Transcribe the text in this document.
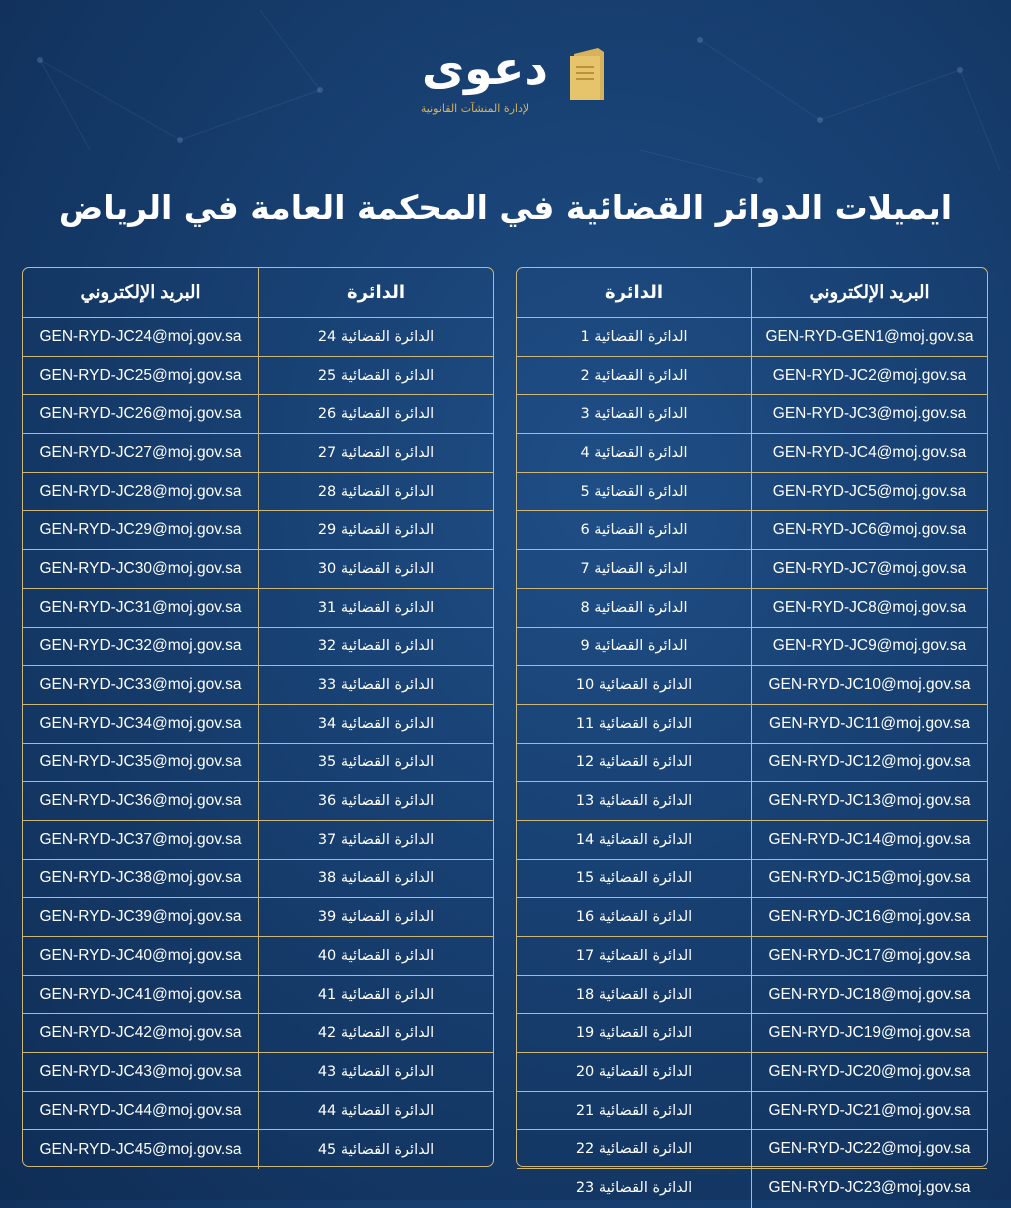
دعوى
لإدارة المنشآت القانونية
ايميلات الدوائر القضائية في المحكمة العامة في الرياض
البريد الإلكتروني	الدائرة
GEN-RYD-JC24@moj.gov.sa	الدائرة القضائية 24
GEN-RYD-JC25@moj.gov.sa	الدائرة القضائية 25
GEN-RYD-JC26@moj.gov.sa	الدائرة القضائية 26
GEN-RYD-JC27@moj.gov.sa	الدائرة القضائية 27
GEN-RYD-JC28@moj.gov.sa	الدائرة القضائية 28
GEN-RYD-JC29@moj.gov.sa	الدائرة القضائية 29
GEN-RYD-JC30@moj.gov.sa	الدائرة القضائية 30
GEN-RYD-JC31@moj.gov.sa	الدائرة القضائية 31
GEN-RYD-JC32@moj.gov.sa	الدائرة القضائية 32
GEN-RYD-JC33@moj.gov.sa	الدائرة القضائية 33
GEN-RYD-JC34@moj.gov.sa	الدائرة القضائية 34
GEN-RYD-JC35@moj.gov.sa	الدائرة القضائية 35
GEN-RYD-JC36@moj.gov.sa	الدائرة القضائية 36
GEN-RYD-JC37@moj.gov.sa	الدائرة القضائية 37
GEN-RYD-JC38@moj.gov.sa	الدائرة القضائية 38
GEN-RYD-JC39@moj.gov.sa	الدائرة القضائية 39
GEN-RYD-JC40@moj.gov.sa	الدائرة القضائية 40
GEN-RYD-JC41@moj.gov.sa	الدائرة القضائية 41
GEN-RYD-JC42@moj.gov.sa	الدائرة القضائية 42
GEN-RYD-JC43@moj.gov.sa	الدائرة القضائية 43
GEN-RYD-JC44@moj.gov.sa	الدائرة القضائية 44
GEN-RYD-JC45@moj.gov.sa	الدائرة القضائية 45
الدائرة	البريد الإلكتروني
الدائرة القضائية 1	GEN-RYD-GEN1@moj.gov.sa
الدائرة القضائية 2	GEN-RYD-JC2@moj.gov.sa
الدائرة القضائية 3	GEN-RYD-JC3@moj.gov.sa
الدائرة القضائية 4	GEN-RYD-JC4@moj.gov.sa
الدائرة القضائية 5	GEN-RYD-JC5@moj.gov.sa
الدائرة القضائية 6	GEN-RYD-JC6@moj.gov.sa
الدائرة القضائية 7	GEN-RYD-JC7@moj.gov.sa
الدائرة القضائية 8	GEN-RYD-JC8@moj.gov.sa
الدائرة القضائية 9	GEN-RYD-JC9@moj.gov.sa
الدائرة القضائية 10	GEN-RYD-JC10@moj.gov.sa
الدائرة القضائية 11	GEN-RYD-JC11@moj.gov.sa
الدائرة القضائية 12	GEN-RYD-JC12@moj.gov.sa
الدائرة القضائية 13	GEN-RYD-JC13@moj.gov.sa
الدائرة القضائية 14	GEN-RYD-JC14@moj.gov.sa
الدائرة القضائية 15	GEN-RYD-JC15@moj.gov.sa
الدائرة القضائية 16	GEN-RYD-JC16@moj.gov.sa
الدائرة القضائية 17	GEN-RYD-JC17@moj.gov.sa
الدائرة القضائية 18	GEN-RYD-JC18@moj.gov.sa
الدائرة القضائية 19	GEN-RYD-JC19@moj.gov.sa
الدائرة القضائية 20	GEN-RYD-JC20@moj.gov.sa
الدائرة القضائية 21	GEN-RYD-JC21@moj.gov.sa
الدائرة القضائية 22	GEN-RYD-JC22@moj.gov.sa
الدائرة القضائية 23	GEN-RYD-JC23@moj.gov.sa
